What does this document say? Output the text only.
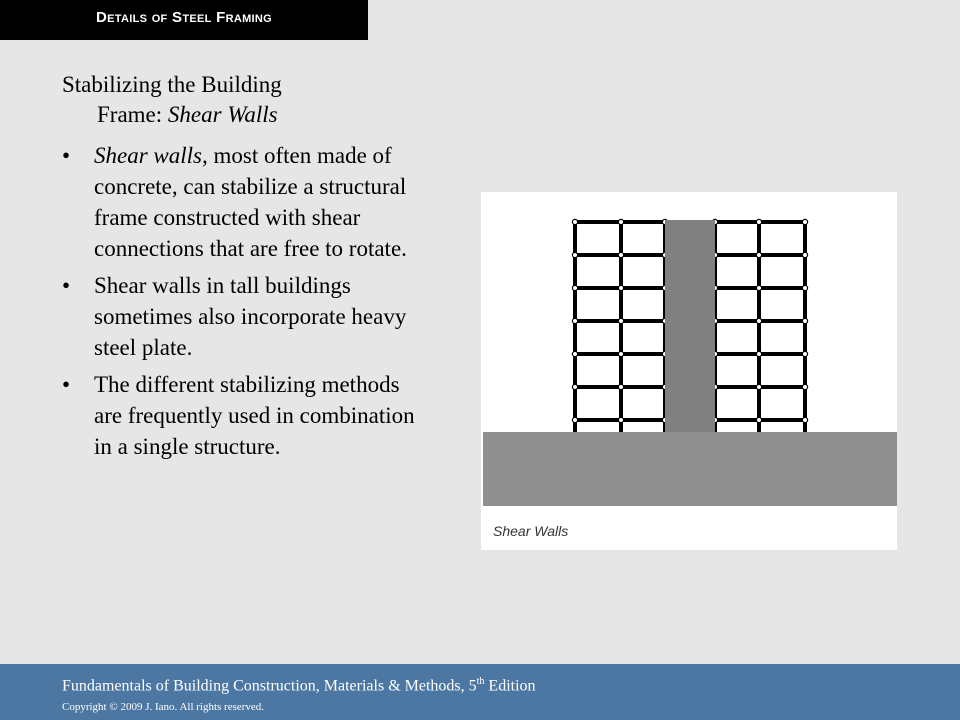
Details of Steel Framing
Stabilizing the Building
Frame: Shear Walls
• Shear walls, most often made of concrete, can stabilize a structural frame constructed with shear connections that are free to rotate.
• Shear walls in tall buildings sometimes also incorporate heavy steel plate.
• The different stabilizing methods are frequently used in combination in a single structure.
Shear Walls
Fundamentals of Building Construction, Materials & Methods, 5th Edition
Copyright © 2009 J. Iano. All rights reserved.
